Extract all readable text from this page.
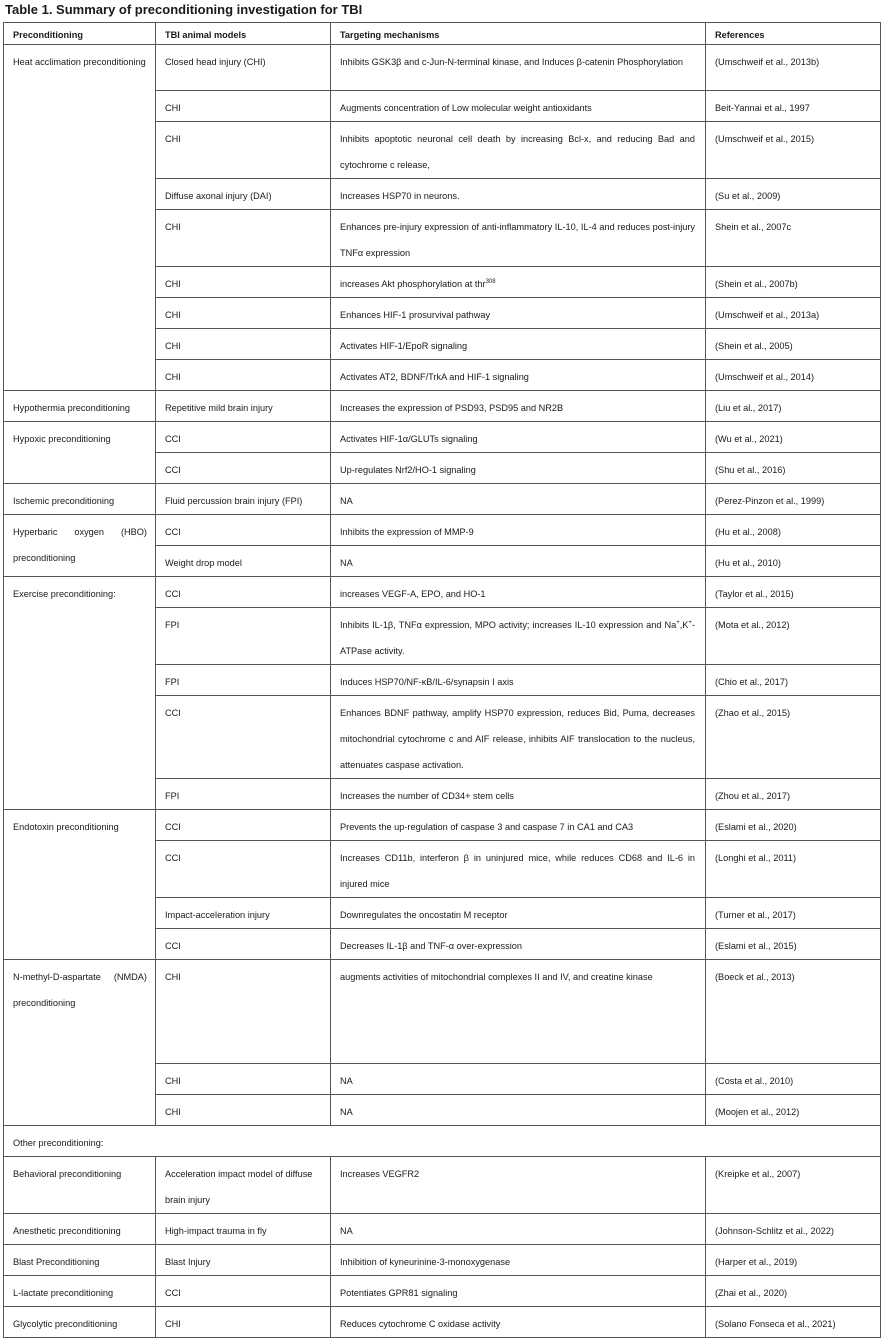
Table 1. Summary of preconditioning investigation for TBI
Preconditioning	TBI animal models	Targeting mechanisms	References
Heat acclimation preconditioning	Closed head injury (CHI)	Inhibits GSK3β and c-Jun-N-terminal kinase, and Induces β-catenin Phosphorylation	(Umschweif et al., 2013b)
	CHI	Augments concentration of Low molecular weight antioxidants	Beit-Yannai et al., 1997
	CHI	Inhibits apoptotic neuronal cell death by increasing Bcl-x, and reducing Bad and cytochrome c release,	(Umschweif et al., 2015)
	Diffuse axonal injury (DAI)	Increases HSP70 in neurons.	(Su et al., 2009)
	CHI	Enhances pre-injury expression of anti-inflammatory IL-10, IL-4 and reduces post-injury TNFα expression	Shein et al., 2007c
	CHI	increases Akt phosphorylation at thr$^{308}$	(Shein et al., 2007b)
	CHI	Enhances HIF-1 prosurvival pathway	(Umschweif et al., 2013a)
	CHI	Activates HIF-1/EpoR signaling	(Shein et al., 2005)
	CHI	Activates AT2, BDNF/TrkA and HIF-1 signaling	(Umschweif et al., 2014)
Hypothermia preconditioning	Repetitive mild brain injury	Increases the expression of PSD93, PSD95 and NR2B	(Liu et al., 2017)
Hypoxic preconditioning	CCI	Activates HIF-1α/GLUTs signaling	(Wu et al., 2021)
	CCI	Up-regulates Nrf2/HO-1 signaling	(Shu et al., 2016)
Ischemic preconditioning	Fluid percussion brain injury (FPI)	NA	(Perez-Pinzon et al., 1999)
Hyperbaric oxygen (HBO) preconditioning	CCI	Inhibits the expression of MMP-9	(Hu et al., 2008)
	Weight drop model	NA	(Hu et al., 2010)
Exercise preconditioning:	CCI	increases VEGF-A, EPO, and HO-1	(Taylor et al., 2015)
	FPI	Inhibits IL-1β, TNFα expression, MPO activity; increases IL-10 expression and Na+,K+-ATPase activity.	(Mota et al., 2012)
	FPI	Induces HSP70/NF-κB/IL-6/synapsin I axis	(Chio et al., 2017)
	CCI	Enhances BDNF pathway, amplify HSP70 expression, reduces Bid, Puma, decreases mitochondrial cytochrome c and AIF release, inhibits AIF translocation to the nucleus, attenuates caspase activation.	(Zhao et al., 2015)
	FPI	Increases the number of CD34+ stem cells	(Zhou et al., 2017)
Endotoxin preconditioning	CCI	Prevents the up-regulation of caspase 3 and caspase 7 in CA1 and CA3	(Eslami et al., 2020)
	CCI	Increases CD11b, interferon β in uninjured mice, while reduces CD68 and IL-6 in injured mice	(Longhi et al., 2011)
	Impact-acceleration injury	Downregulates the oncostatin M receptor	(Turner et al., 2017)
	CCI	Decreases IL-1β and TNF-α over-expression	(Eslami et al., 2015)
N-methyl-D-aspartate (NMDA) preconditioning	CHI	augments activities of mitochondrial complexes II and IV, and creatine kinase	(Boeck et al., 2013)
	CHI	NA	(Costa et al., 2010)
	CHI	NA	(Moojen et al., 2012)
Other preconditioning:			
Behavioral preconditioning	Acceleration impact model of diffuse brain injury	Increases VEGFR2	(Kreipke et al., 2007)
Anesthetic preconditioning	High-impact trauma in fly	NA	(Johnson-Schlitz et al., 2022)
Blast Preconditioning	Blast Injury	Inhibition of kyneurinine-3-monoxygenase	(Harper et al., 2019)
L-lactate preconditioning	CCI	Potentiates GPR81 signaling	(Zhai et al., 2020)
Glycolytic preconditioning	CHI	Reduces cytochrome C oxidase activity	(Solano Fonseca et al., 2021)
